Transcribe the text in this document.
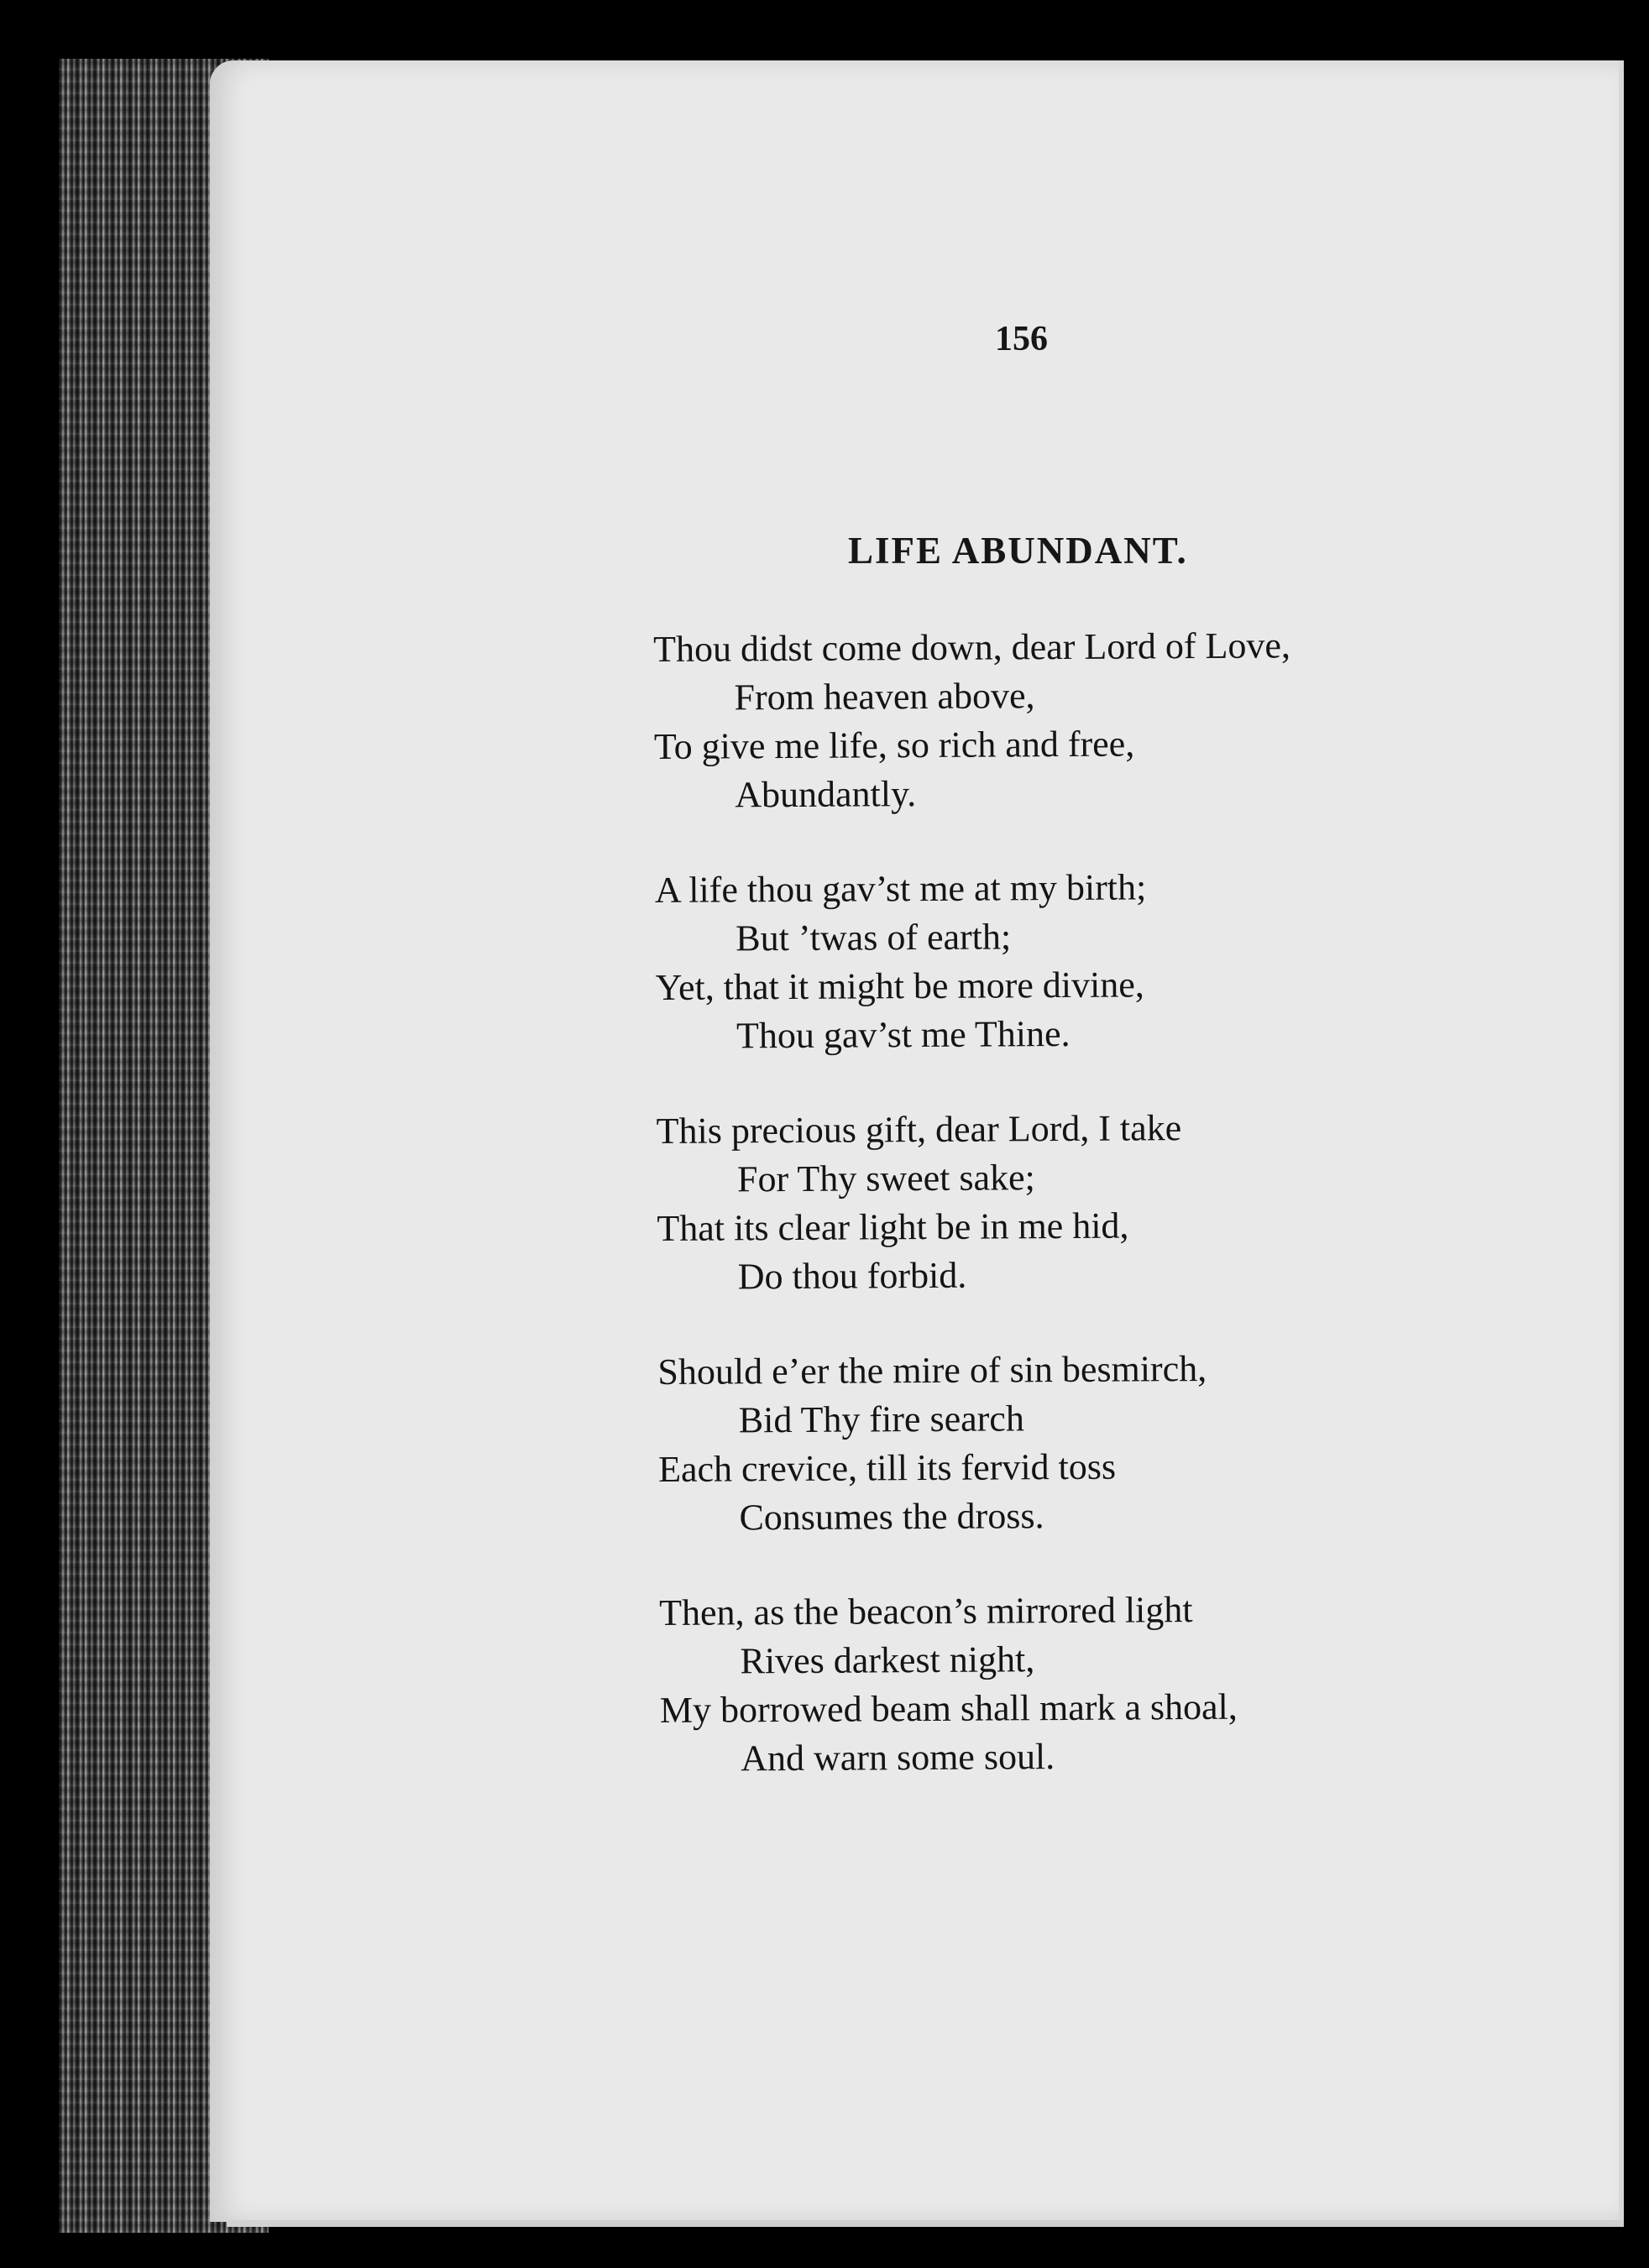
156

LIFE ABUNDANT.
Thou didst come down, dear Lord of Love,
From heaven above,
To give me life, so rich and free,
Abundantly.
A life thou gav’st me at my birth;
But ’twas of earth;
Yet, that it might be more divine,
Thou gav’st me Thine.
This precious gift, dear Lord, I take
For Thy sweet sake;
That its clear light be in me hid,
Do thou forbid.
Should e’er the mire of sin besmirch,
Bid Thy fire search
Each crevice, till its fervid toss
Consumes the dross.
Then, as the beacon’s mirrored light
Rives darkest night,
My borrowed beam shall mark a shoal,
And warn some soul.
